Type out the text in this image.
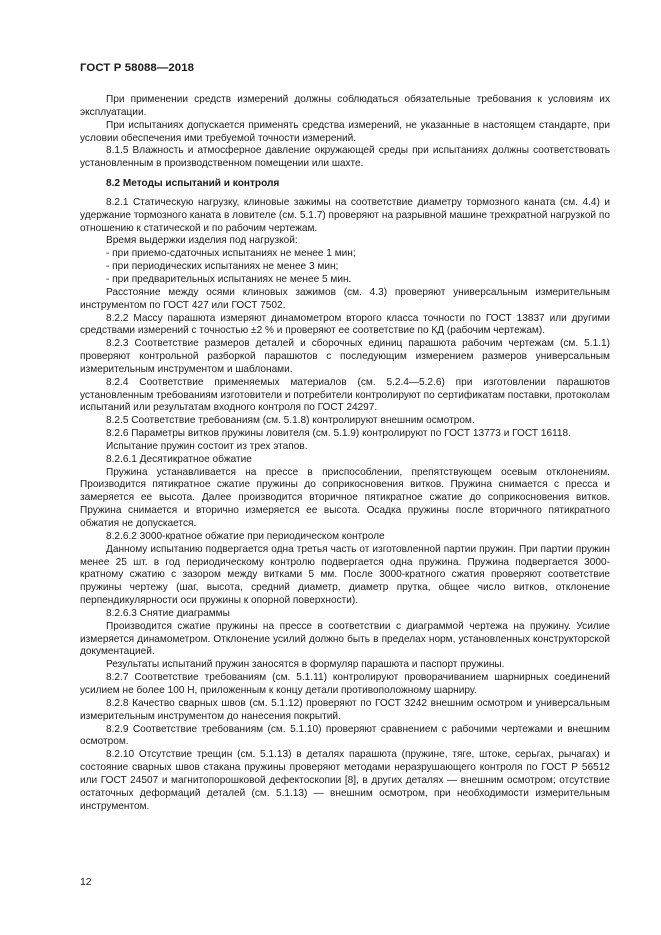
ГОСТ Р 58088—2018

При применении средств измерений должны соблюдаться обязательные требования к условиям их эксплуатации.

При испытаниях допускается применять средства измерений, не указанные в настоящем стандарте, при условии обеспечения ими требуемой точности измерений.

8.1.5 Влажность и атмосферное давление окружающей среды при испытаниях должны соответствовать установленным в производственном помещении или шахте.

8.2 Методы испытаний и контроля

8.2.1 Статическую нагрузку, клиновые зажимы на соответствие диаметру тормозного каната (см. 4.4) и удержание тормозного каната в ловителе (см. 5.1.7) проверяют на разрывной машине трехкратной нагрузкой по отношению к статической и по рабочим чертежам.

Время выдержки изделия под нагрузкой:

- при приемо-сдаточных испытаниях не менее 1 мин;

- при периодических испытаниях не менее 3 мин;

- при предварительных испытаниях не менее 5 мин.

Расстояние между осями клиновых зажимов (см. 4.3) проверяют универсальным измерительным инструментом по ГОСТ 427 или ГОСТ 7502.

8.2.2 Массу парашюта измеряют динамометром второго класса точности по ГОСТ 13837 или другими средствами измерений с точностью ±2 % и проверяют ее соответствие по КД (рабочим чертежам).

8.2.3 Соответствие размеров деталей и сборочных единиц парашюта рабочим чертежам (см. 5.1.1) проверяют контрольной разборкой парашютов с последующим измерением размеров универсальным измерительным инструментом и шаблонами.

8.2.4 Соответствие применяемых материалов (см. 5.2.4—5.2.6) при изготовлении парашютов установленным требованиям изготовители и потребители контролируют по сертификатам поставки, протоколам испытаний или результатам входного контроля по ГОСТ 24297.

8.2.5 Соответствие требованиям (см. 5.1.8) контролируют внешним осмотром.

8.2.6 Параметры витков пружины ловителя (см. 5.1.9) контролируют по ГОСТ 13773 и ГОСТ 16118.

Испытание пружин состоит из трех этапов.

8.2.6.1 Десятикратное обжатие

Пружина устанавливается на прессе в приспособлении, препятствующем осевым отклонениям. Производится пятикратное сжатие пружины до соприкосновения витков. Пружина снимается с пресса и замеряется ее высота. Далее производится вторичное пятикратное сжатие до соприкосновения витков. Пружина снимается и вторично измеряется ее высота. Осадка пружины после вторичного пятикратного обжатия не допускается.

8.2.6.2 3000-кратное обжатие при периодическом контроле

Данному испытанию подвергается одна третья часть от изготовленной партии пружин. При партии пружин менее 25 шт. в год периодическому контролю подвергается одна пружина. Пружина подвергается 3000-кратному сжатию с зазором между витками 5 мм. После 3000-кратного сжатия проверяют соответствие пружины чертежу (шаг, высота, средний диаметр, диаметр прутка, общее число витков, отклонение перпендикулярности оси пружины к опорной поверхности).

8.2.6.3 Снятие диаграммы

Производится сжатие пружины на прессе в соответствии с диаграммой чертежа на пружину. Усилие измеряется динамометром. Отклонение усилий должно быть в пределах норм, установленных конструкторской документацией.

Результаты испытаний пружин заносятся в формуляр парашюта и паспорт пружины.

8.2.7 Соответствие требованиям (см. 5.1.11) контролируют проворачиванием шарнирных соединений усилием не более 100 Н, приложенным к концу детали противоположному шарниру.

8.2.8 Качество сварных швов (см. 5.1.12) проверяют по ГОСТ 3242 внешним осмотром и универсальным измерительным инструментом до нанесения покрытий.

8.2.9 Соответствие требованиям (см. 5.1.10) проверяют сравнением с рабочими чертежами и внешним осмотром.

8.2.10 Отсутствие трещин (см. 5.1.13) в деталях парашюта (пружине, тяге, штоке, серьгах, рычагах) и состояние сварных швов стакана пружины проверяют методами неразрушающего контроля по ГОСТ Р 56512 или ГОСТ 24507 и магнитопорошковой дефектоскопии [8], в других деталях — внешним осмотром; отсутствие остаточных деформаций деталей (см. 5.1.13) — внешним осмотром, при необходимости измерительным инструментом.

12
